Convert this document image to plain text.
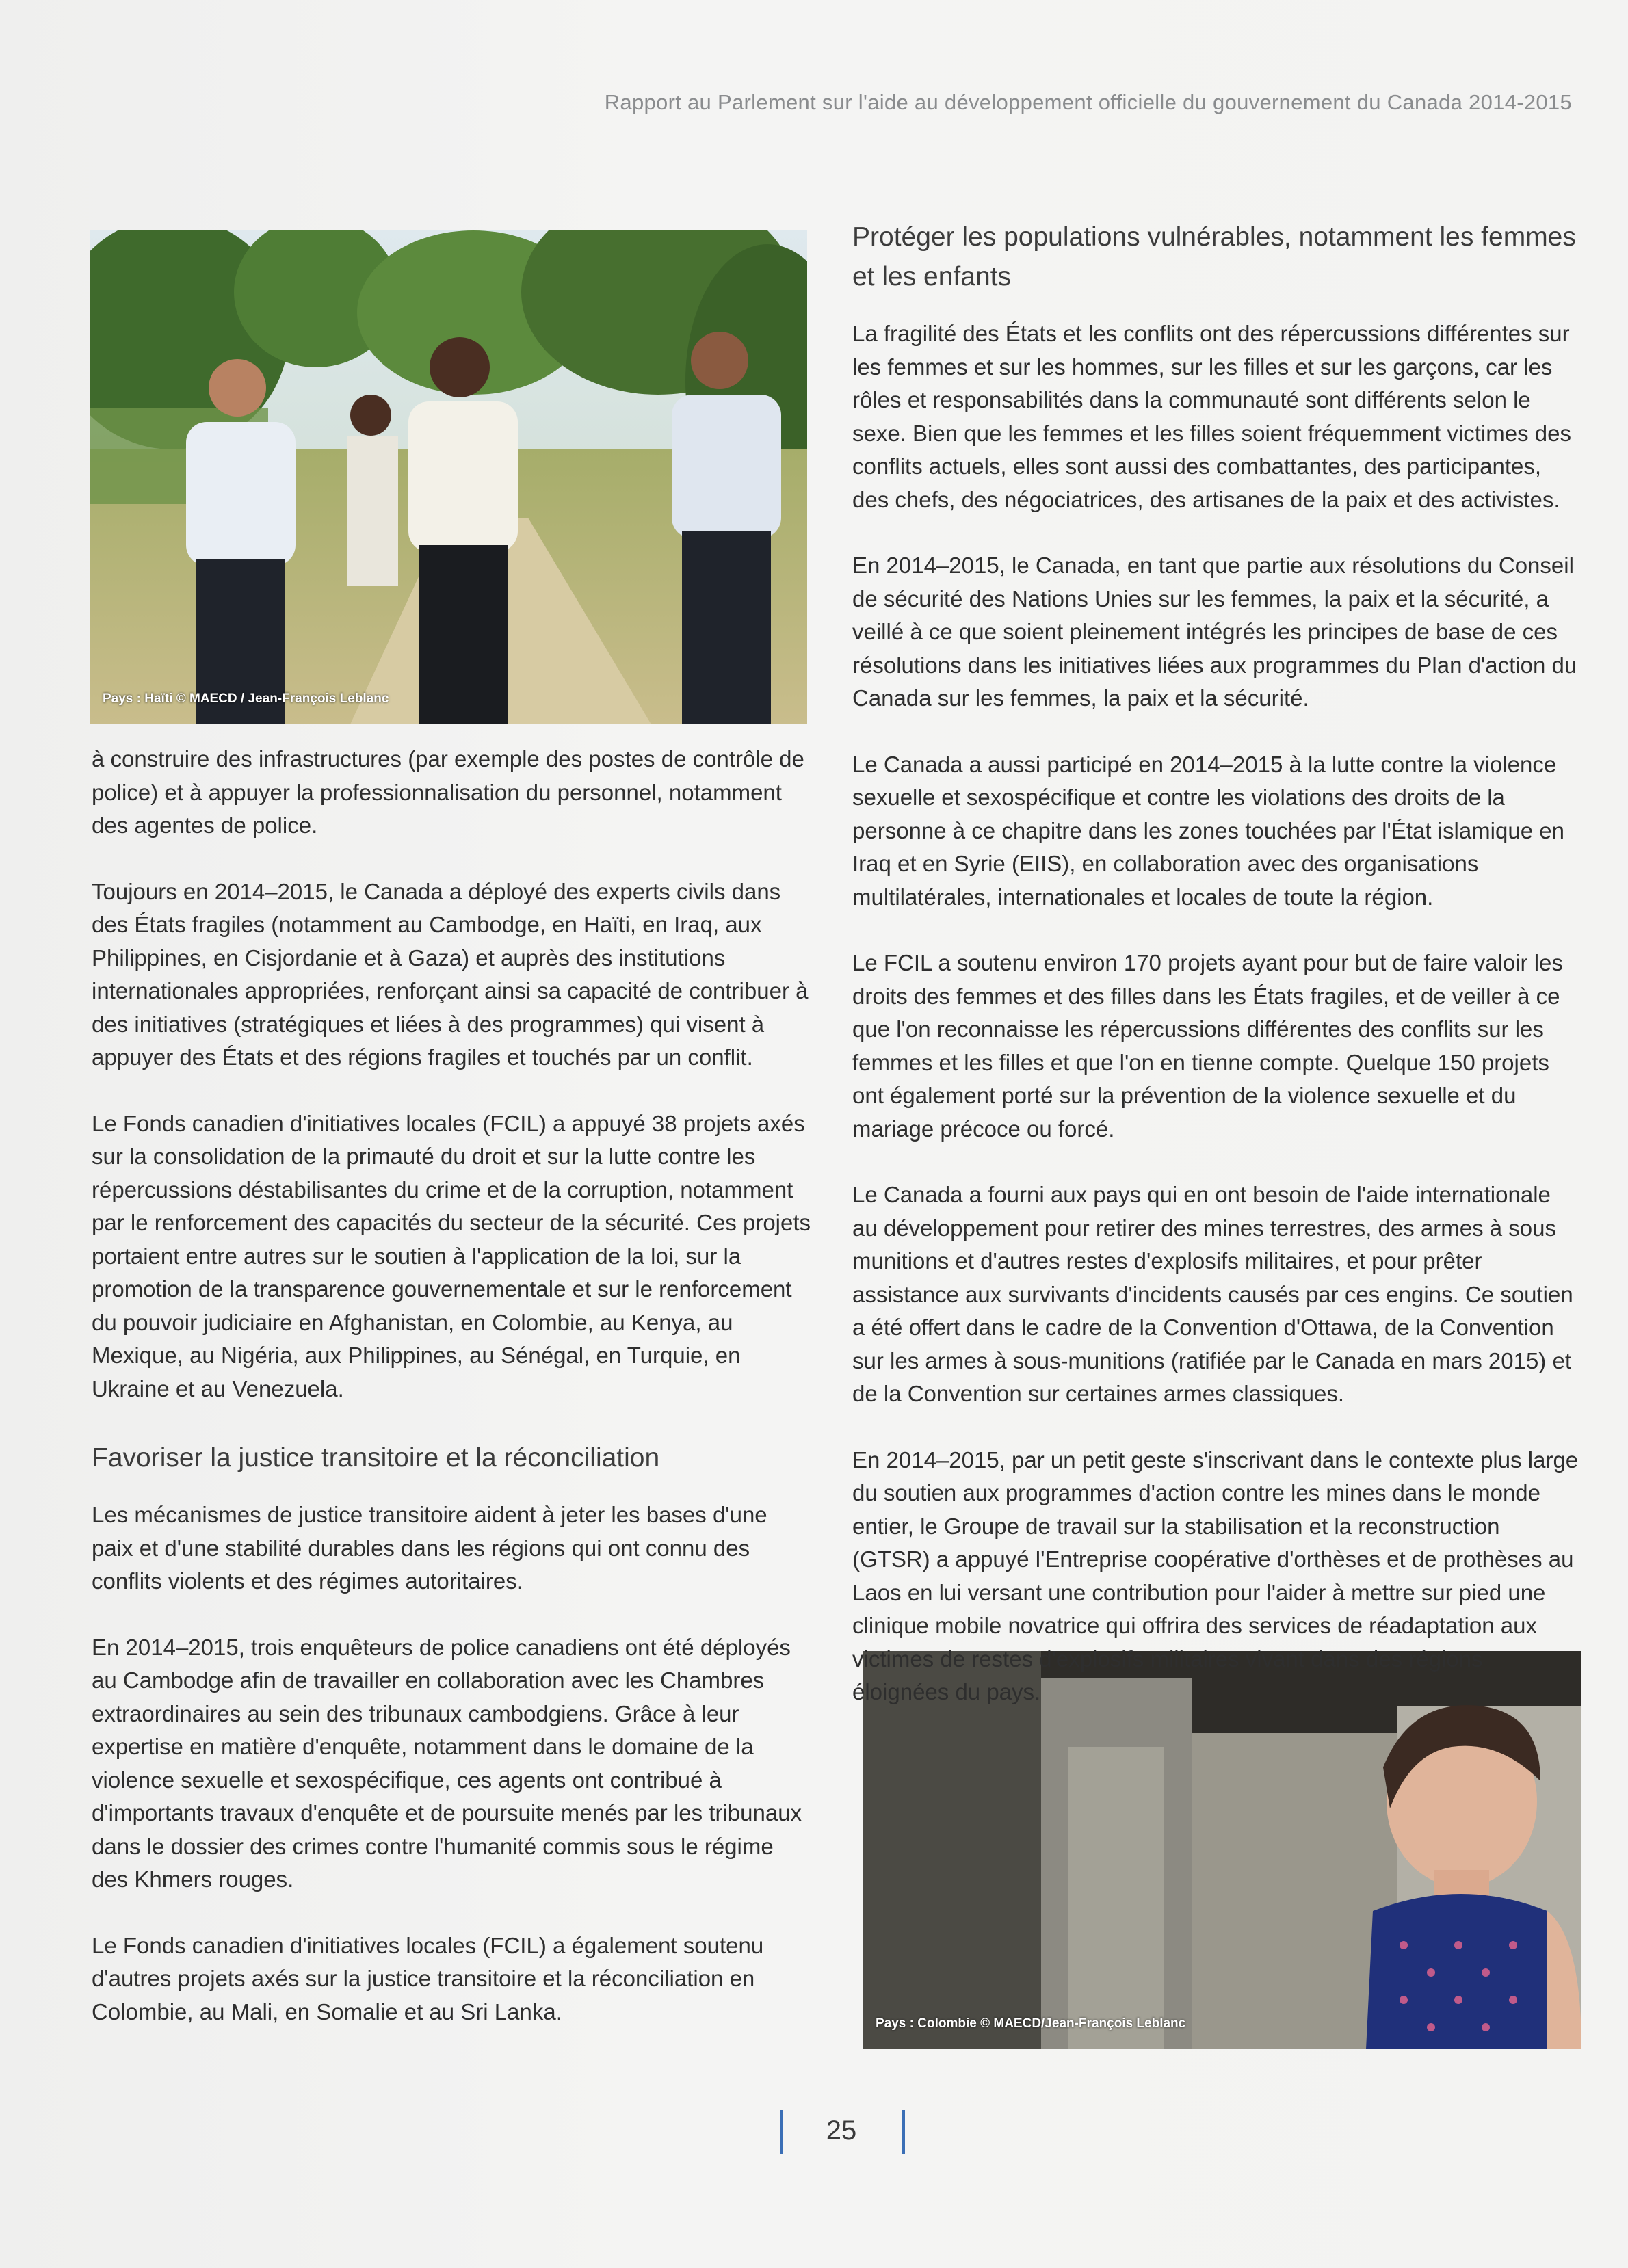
Rapport au Parlement sur l'aide au développement officielle du gouvernement du Canada 2014-2015
Pays : Haïti © MAECD / Jean-François Leblanc
Pays : Colombie © MAECD/Jean-François Leblanc

à construire des infrastructures (par exemple des postes de contrôle de police) et à appuyer la professionnalisation du personnel, notamment des agentes de police.

Toujours en 2014–2015, le Canada a déployé des experts civils dans des États fragiles (notamment au Cambodge, en Haïti, en Iraq, aux Philippines, en Cisjordanie et à Gaza) et auprès des institutions internationales appropriées, renforçant ainsi sa capacité de contribuer à des initiatives (stratégiques et liées à des programmes) qui visent à appuyer des États et des régions fragiles et touchés par un conflit.

Le Fonds canadien d'initiatives locales (FCIL) a appuyé 38 projets axés sur la consolidation de la primauté du droit et sur la lutte contre les répercussions déstabilisantes du crime et de la corruption, notamment par le renforcement des capacités du secteur de la sécurité. Ces projets portaient entre autres sur le soutien à l'application de la loi, sur la promotion de la transparence gouvernementale et sur le renforcement du pouvoir judiciaire en Afghanistan, en Colombie, au Kenya, au Mexique, au Nigéria, aux Philippines, au Sénégal, en Turquie, en Ukraine et au Venezuela.

Favoriser la justice transitoire et la réconciliation

Les mécanismes de justice transitoire aident à jeter les bases d'une paix et d'une stabilité durables dans les régions qui ont connu des conflits violents et des régimes autoritaires.

En 2014–2015, trois enquêteurs de police canadiens ont été déployés au Cambodge afin de travailler en collaboration avec les Chambres extraordinaires au sein des tribunaux cambodgiens. Grâce à leur expertise en matière d'enquête, notamment dans le domaine de la violence sexuelle et sexospécifique, ces agents ont contribué à d'importants travaux d'enquête et de poursuite menés par les tribunaux dans le dossier des crimes contre l'humanité commis sous le régime des Khmers rouges.

Le Fonds canadien d'initiatives locales (FCIL) a également soutenu d'autres projets axés sur la justice transitoire et la réconciliation en Colombie, au Mali, en Somalie et au Sri Lanka.

Protéger les populations vulnérables, notamment les femmes et les enfants

La fragilité des États et les conflits ont des répercussions différentes sur les femmes et sur les hommes, sur les filles et sur les garçons, car les rôles et responsabilités dans la communauté sont différents selon le sexe. Bien que les femmes et les filles soient fréquemment victimes des conflits actuels, elles sont aussi des combattantes, des participantes, des chefs, des négociatrices, des artisanes de la paix et des activistes.

En 2014–2015, le Canada, en tant que partie aux résolutions du Conseil de sécurité des Nations Unies sur les femmes, la paix et la sécurité, a veillé à ce que soient pleinement intégrés les principes de base de ces résolutions dans les initiatives liées aux programmes du Plan d'action du Canada sur les femmes, la paix et la sécurité.

Le Canada a aussi participé en 2014–2015 à la lutte contre la violence sexuelle et sexospécifique et contre les violations des droits de la personne à ce chapitre dans les zones touchées par l'État islamique en Iraq et en Syrie (EIIS), en collaboration avec des organisations multilatérales, internationales et locales de toute la région.

Le FCIL a soutenu environ 170 projets ayant pour but de faire valoir les droits des femmes et des filles dans les États fragiles, et de veiller à ce que l'on reconnaisse les répercussions différentes des conflits sur les femmes et les filles et que l'on en tienne compte. Quelque 150 projets ont également porté sur la prévention de la violence sexuelle et du mariage précoce ou forcé.

Le Canada a fourni aux pays qui en ont besoin de l'aide internationale au développement pour retirer des mines terrestres, des armes à sous munitions et d'autres restes d'explosifs militaires, et pour prêter assistance aux survivants d'incidents causés par ces engins. Ce soutien a été offert dans le cadre de la Convention d'Ottawa, de la Convention sur les armes à sous-munitions (ratifiée par le Canada en mars 2015) et de la Convention sur certaines armes classiques.

En 2014–2015, par un petit geste s'inscrivant dans le contexte plus large du soutien aux programmes d'action contre les mines dans le monde entier, le Groupe de travail sur la stabilisation et la reconstruction (GTSR) a appuyé l'Entreprise coopérative d'orthèses et de prothèses au Laos en lui versant une contribution pour l'aider à mettre sur pied une clinique mobile novatrice qui offrira des services de réadaptation aux victimes de restes d'explosifs militaires vivant dans des régions éloignées du pays.

25
